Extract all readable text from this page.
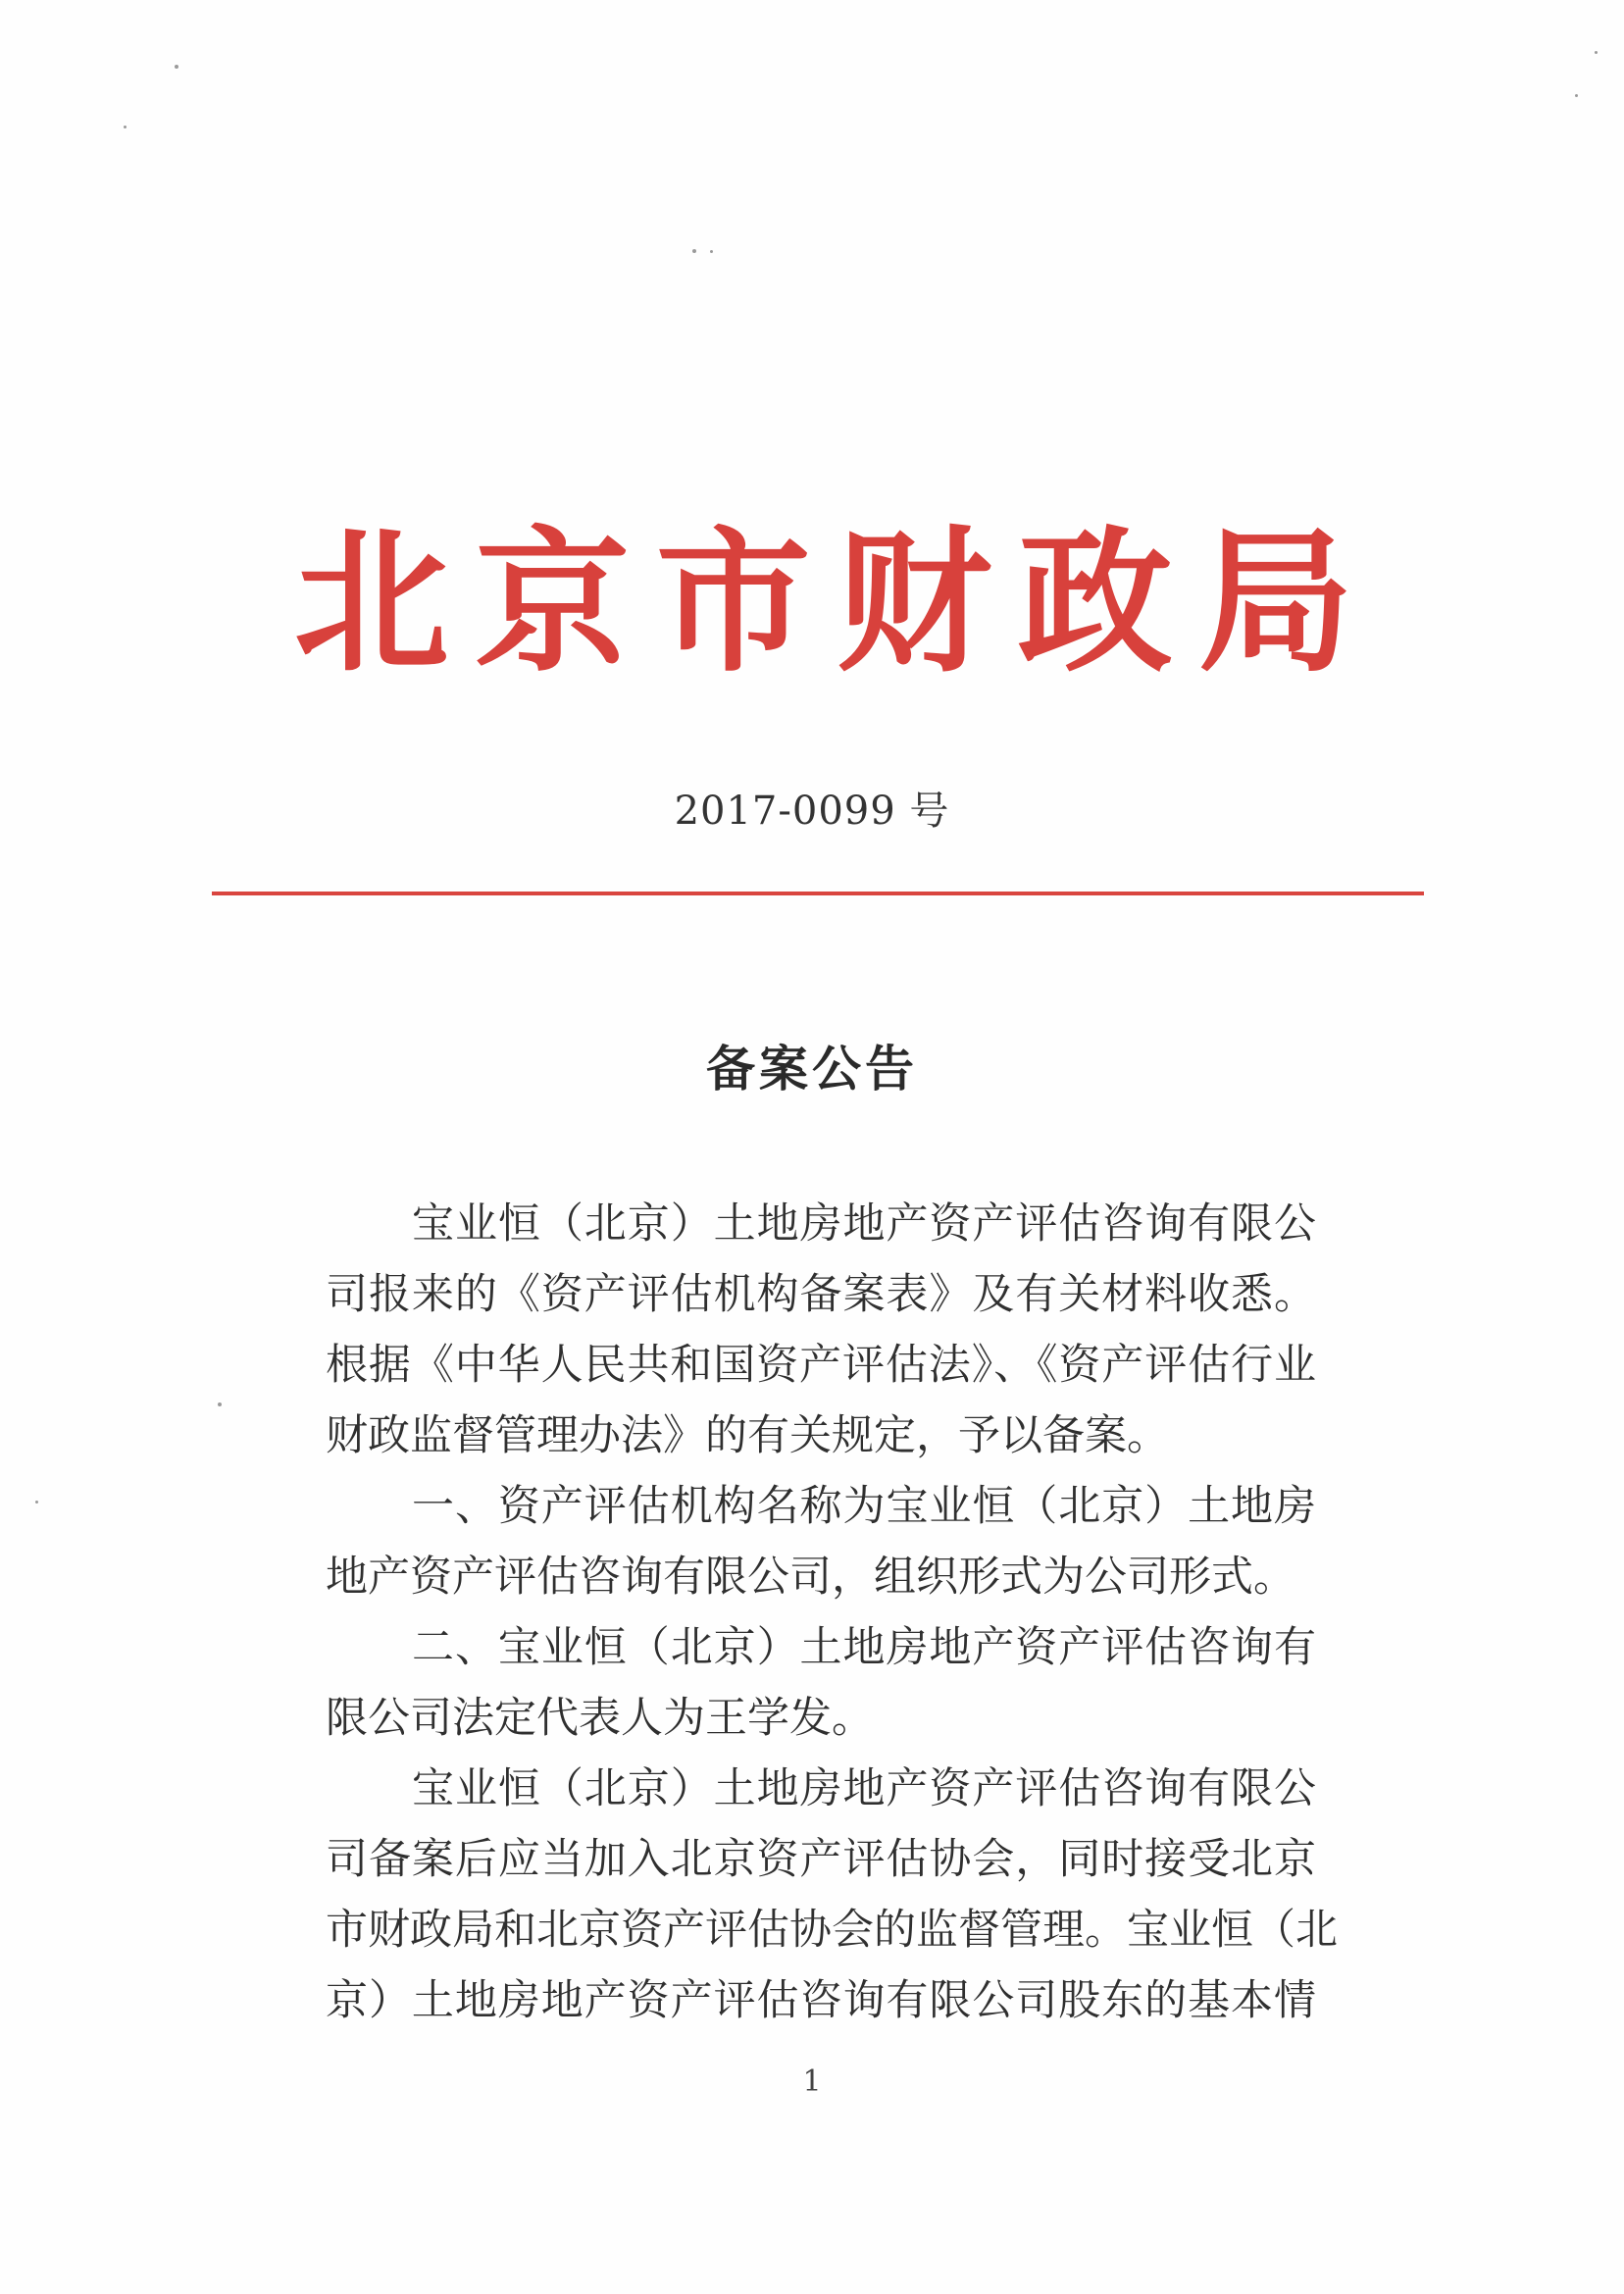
北 京 市 财 政 局
2017-0099 号
备案公告
宝业恒（北京）土地房地产资产评估咨询有限公
司报来的《资产评估机构备案表》及有关材料收悉。
根据《中华人民共和国资产评估法》、《资产评估行业
财政监督管理办法》的有关规定，予以备案。
一、资产评估机构名称为宝业恒（北京）土地房
地产资产评估咨询有限公司，组织形式为公司形式。
二、宝业恒（北京）土地房地产资产评估咨询有
限公司法定代表人为王学发。
宝业恒（北京）土地房地产资产评估咨询有限公
司备案后应当加入北京资产评估协会，同时接受北京
市财政局和北京资产评估协会的监督管理。宝业恒（北
京）土地房地产资产评估咨询有限公司股东的基本情
1
